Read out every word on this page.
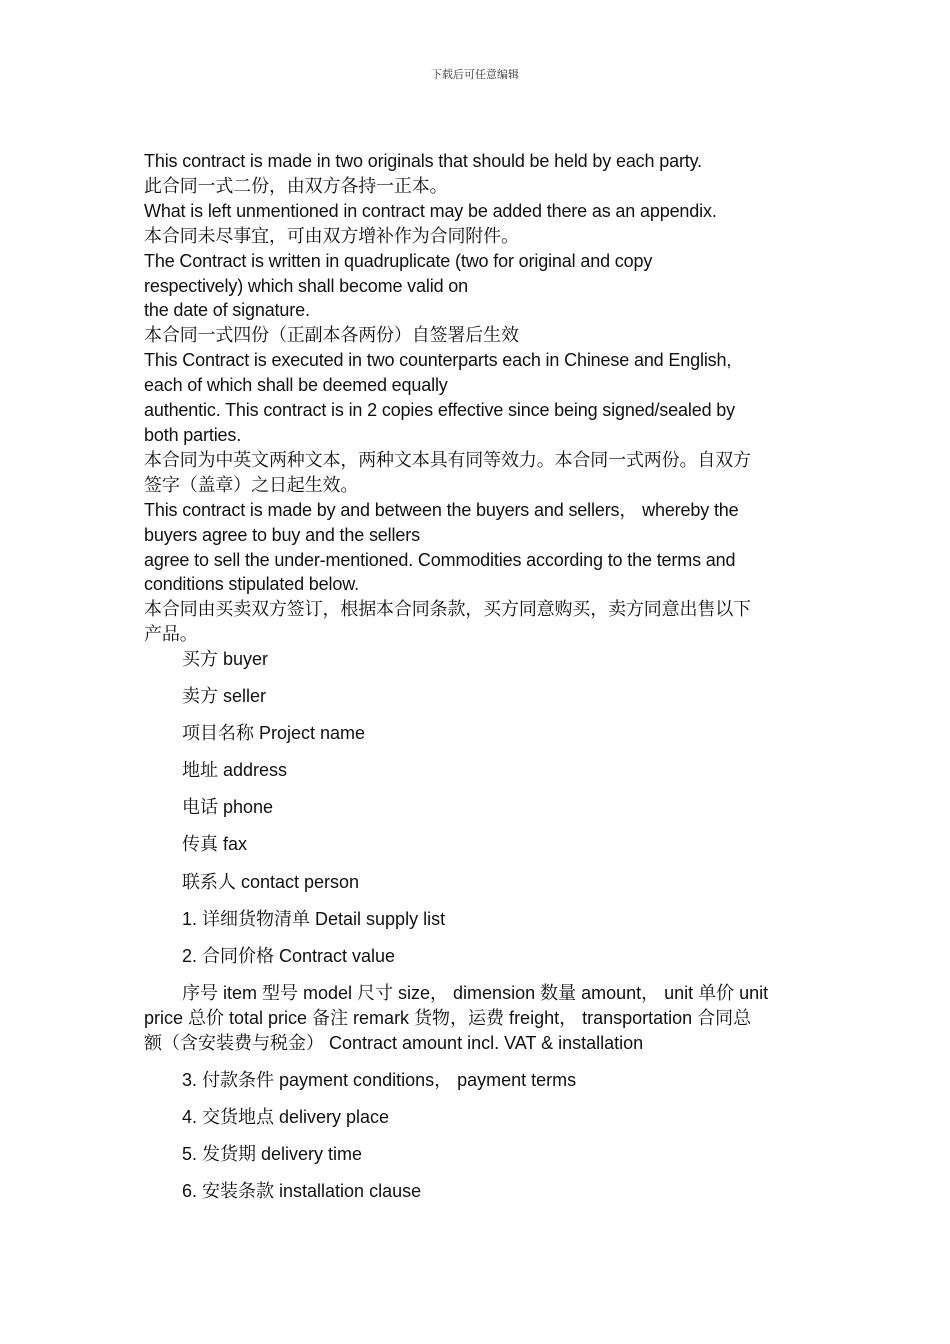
下载后可任意编辑
This contract is made in two originals that should be held by each party.
此合同一式二份，由双方各持一正本。
What is left unmentioned in contract may be added there as an appendix.
本合同未尽事宜，可由双方增补作为合同附件。
The Contract is written in quadruplicate (two for original and copy
respectively) which shall become valid on
the date of signature.
本合同一式四份（正副本各两份）自签署后生效
This Contract is executed in two counterparts each in Chinese and English,
each of which shall be deemed equally
authentic. This contract is in 2 copies effective since being signed/sealed by
both parties.
本合同为中英文两种文本，两种文本具有同等效力。本合同一式两份。自双方
签字（盖章）之日起生效。
This contract is made by and between the buyers and sellers， whereby the
buyers agree to buy and the sellers
agree to sell the under-mentioned. Commodities according to the terms and
conditions stipulated below.
本合同由买卖双方签订，根据本合同条款，买方同意购买，卖方同意出售以下
产品。
买方 buyer
卖方 seller
项目名称 Project name
地址 address
电话 phone
传真 fax
联系人 contact person
1. 详细货物清单 Detail supply list
2. 合同价格 Contract value
序号 item 型号 model 尺寸 size， dimension 数量 amount， unit 单价 unit
price 总价 total price 备注 remark 货物，运费 freight， transportation 合同总
额（含安装费与税金） Contract amount incl. VAT & installation
3. 付款条件 payment conditions， payment terms
4. 交货地点 delivery place
5. 发货期 delivery time
6. 安装条款 installation clause
